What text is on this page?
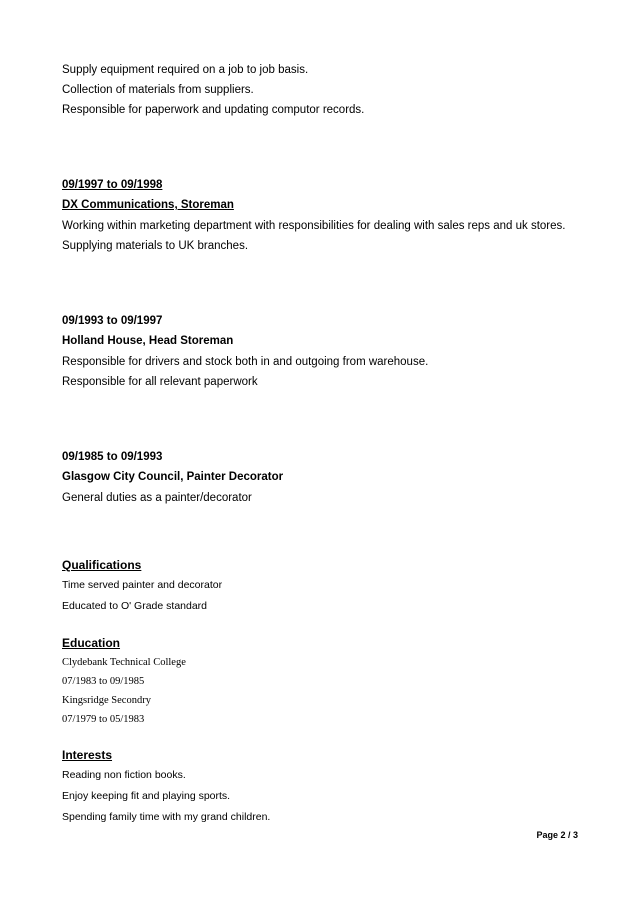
Supply equipment required on a job to job basis.
Collection of materials from suppliers.
Responsible for paperwork and updating computor records.
09/1997 to 09/1998
DX Communications, Storeman
Working within marketing department with responsibilities for dealing with sales reps and uk stores.
Supplying materials to UK branches.
09/1993 to 09/1997
Holland House, Head Storeman
Responsible for drivers and stock both in and outgoing from warehouse.
Responsible for all relevant paperwork
09/1985 to 09/1993
Glasgow City Council, Painter Decorator
General duties as a painter/decorator
Qualifications
Time served painter and decorator
Educated to O' Grade standard
Education
Clydebank Technical College
07/1983 to 09/1985
Kingsridge Secondry
07/1979 to 05/1983
Interests
Reading non fiction books.
Enjoy keeping fit and playing sports.
Spending family time with my grand children.
Page 2 / 3
